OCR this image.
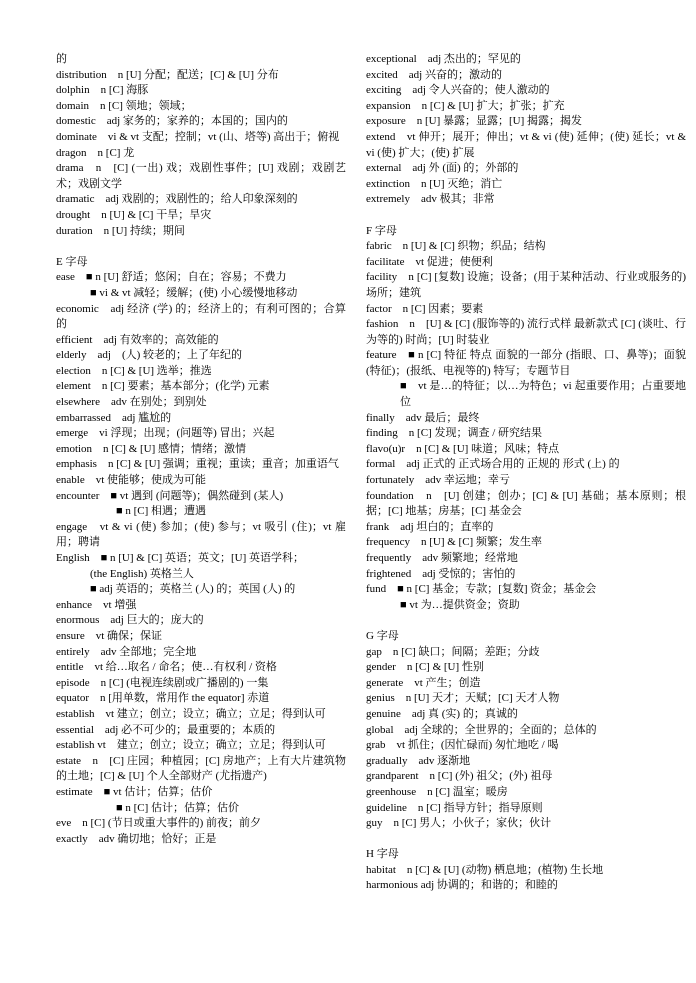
的

distribution　n [U] 分配；配送；[C] & [U] 分布

dolphin　n [C] 海豚

domain　n [C] 领地；领域；

domestic　adj 家务的；家养的；本国的；国内的

dominate　vi & vt 支配；控制；vt (山、塔等) 高出于；俯视

dragon　n [C] 龙

drama　n　[C] (一出) 戏；戏剧性事件；[U] 戏剧；戏剧艺术；戏剧文学

dramatic　adj 戏剧的；戏剧性的；给人印象深刻的

drought　n [U] & [C] 干旱；旱灾

duration　n [U] 持续；期间

E 字母

ease　■ n [U] 舒适；悠闲；自在；容易；不费力

■ vi & vt 减轻；缓解；(使) 小心缓慢地移动

economic　adj 经济 (学) 的；经济上的；有利可图的；合算的

efficient　adj 有效率的；高效能的

elderly　adj　(人) 较老的；上了年纪的

election　n [C] & [U] 选举；推选

element　n [C] 要素；基本部分；(化学) 元素

elsewhere　adv 在别处；到别处

embarrassed　adj 尴尬的

emerge　vi 浮现；出现；(问题等) 冒出；兴起

emotion　n [C] & [U] 感情；情绪；激情

emphasis　n [C] & [U] 强调；重视；重读；重音；加重语气

enable　vt 使能够；使成为可能

encounter　■ vt 遇到 (问题等)；偶然碰到 (某人)

■ n [C] 相遇；遭遇

engage　vt & vi (使) 参加；(使) 参与；vt 吸引 (住)；vt 雇用；聘请

English　■ n [U] & [C] 英语；英文；[U] 英语学科；

(the English) 英格兰人

■ adj 英语的；英格兰 (人) 的；英国 (人) 的

enhance　vt 增强

enormous　adj 巨大的；庞大的

ensure　vt 确保；保证

entirely　adv 全部地；完全地

entitle　vt 给…取名 / 命名；使…有权利 / 资格

episode　n [C] (电视连续剧或广播剧的) 一集

equator　n [用单数，常用作 the equator] 赤道

establish　vt 建立；创立；设立；确立；立足；得到认可

essential　adj 必不可少的；最重要的；本质的

establish vt　建立；创立；设立；确立；立足；得到认可

estate　n　[C] 庄园；种植园；[C] 房地产；上有大片建筑物的土地；[C] & [U] 个人全部财产 (尤指遗产)

estimate　■ vt 估计；估算；估价

■ n [C] 估计；估算；估价

eve　n [C] (节日或重大事件的) 前夜；前夕

exactly　adv 确切地；恰好；正是

exceptional　adj 杰出的；罕见的

excited　adj 兴奋的；激动的

exciting　adj 令人兴奋的；使人激动的

expansion　n [C] & [U] 扩大；扩张；扩充

exposure　n [U] 暴露；显露；[U] 揭露；揭发

extend　vt 伸开；展开；伸出；vt & vi (使) 延伸；(使) 延长；vt & vi (使) 扩大；(使) 扩展

external　adj 外 (面) 的；外部的

extinction　n [U] 灭绝；消亡

extremely　adv 极其；非常

F 字母

fabric　n [U] & [C] 织物；织品；结构

facilitate　vt 促进；使便利

facility　n [C] [复数] 设施；设备；(用于某种活动、行业或服务的) 场所；建筑

factor　n [C] 因素；要素

fashion　n　[U] & [C] (服饰等的) 流行式样 最新款式 [C] (谈吐、行为等的) 时尚；[U] 时装业

feature　■ n [C] 特征 特点 面貌的一部分 (指眼、口、鼻等)；面貌 (特征)；(报纸、电视等的) 特写；专题节目

■　vt 是…的特征；以…为特色；vi 起重要作用；占重要地位

finally　adv 最后；最终

finding　n [C] 发现；调查 / 研究结果

flavo(u)r　n [C] & [U] 味道；风味；特点

formal　adj 正式的 正式场合用的 正规的 形式 (上) 的

fortunately　adv 幸运地；幸亏

foundation　n　[U] 创建；创办；[C] & [U] 基础；基本原则；根据；[C] 地基；房基；[C] 基金会

frank　adj 坦白的；直率的

frequency　n [U] & [C] 频繁；发生率

frequently　adv 频繁地；经常地

frightened　adj 受惊的；害怕的

fund　■ n [C] 基金；专款；[复数] 资金；基金会

■ vt 为…提供资金；资助

G 字母

gap　n [C] 缺口；间隔；差距；分歧

gender　n [C] & [U] 性别

generate　vt 产生；创造

genius　n [U] 天才；天赋；[C] 天才人物

genuine　adj 真 (实) 的；真诚的

global　adj 全球的；全世界的；全面的；总体的

grab　vt 抓住；(因忙碌而) 匆忙地吃 / 喝

gradually　adv 逐渐地

grandparent　n [C] (外) 祖父；(外) 祖母

greenhouse　n [C] 温室；暖房

guideline　n [C] 指导方针；指导原则

guy　n [C] 男人；小伙子；家伙；伙计

H 字母

habitat　n [C] & [U] (动物) 栖息地；(植物) 生长地

harmonious adj 协调的；和谐的；和睦的
